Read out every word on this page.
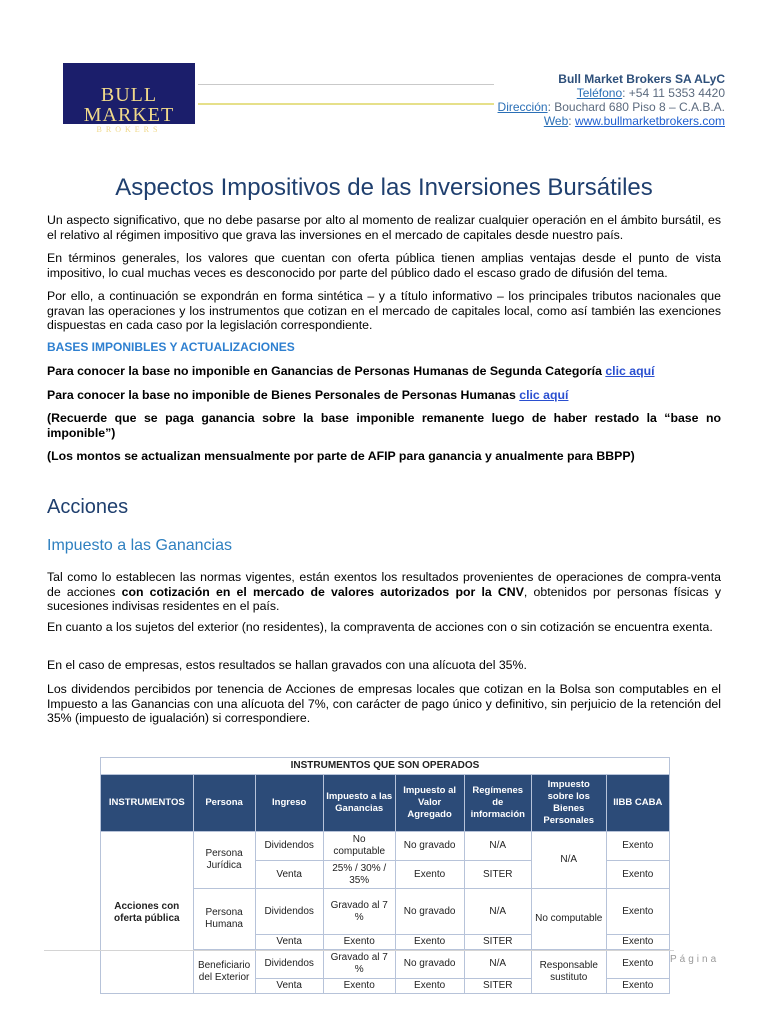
BULL MARKET
BROKERS
Bull Market Brokers SA ALyC
Teléfono: +54 11 5353 4420
Dirección: Bouchard 680 Piso 8 – C.A.B.A.
Web: www.bullmarketbrokers.com
Aspectos Impositivos de las Inversiones Bursátiles
Un aspecto significativo, que no debe pasarse por alto al momento de realizar cualquier operación en el ámbito bursátil, es el relativo al régimen impositivo que grava las inversiones en el mercado de capitales desde nuestro país.
En términos generales, los valores que cuentan con oferta pública tienen amplias ventajas desde el punto de vista impositivo, lo cual muchas veces es desconocido por parte del público dado el escaso grado de difusión del tema.
Por ello, a continuación se expondrán en forma sintética – y a título informativo – los principales tributos nacionales que gravan las operaciones y los instrumentos que cotizan en el mercado de capitales local, como así también las exenciones dispuestas en cada caso por la legislación correspondiente.
BASES IMPONIBLES Y ACTUALIZACIONES
Para conocer la base no imponible en Ganancias de Personas Humanas de Segunda Categoría clic aquí
Para conocer la base no imponible de Bienes Personales de Personas Humanas clic aquí
(Recuerde que se paga ganancia sobre la base imponible remanente luego de haber restado la “base no imponible”)
(Los montos se actualizan mensualmente por parte de AFIP para ganancia y anualmente para BBPP)
Acciones
Impuesto a las Ganancias
Tal como lo establecen las normas vigentes, están exentos los resultados provenientes de operaciones de compra-venta de acciones con cotización en el mercado de valores autorizados por la CNV, obtenidos por personas físicas y sucesiones indivisas residentes en el país.
En cuanto a los sujetos del exterior (no residentes), la compraventa de acciones con o sin cotización se encuentra exenta.
En el caso de empresas, estos resultados se hallan gravados con una alícuota del 35%.
Los dividendos percibidos por tenencia de Acciones de empresas locales que cotizan en la Bolsa son computables en el Impuesto a las Ganancias con una alícuota del 7%, con carácter de pago único y definitivo, sin perjuicio de la retención del 35% (impuesto de igualación) si correspondiere.
INSTRUMENTOS QUE SON OPERADOS							
INSTRUMENTOS	Persona	Ingreso	Impuesto a las Ganancias	Impuesto al Valor Agregado	Regímenes de información	Impuesto sobre los Bienes Personales	IIBB CABA
Acciones con oferta pública	Persona Jurídica	Dividendos	No computable	No gravado	N/A	N/A	Exento
		Venta	25% / 30% / 35%	Exento	SITER		Exento
	Persona Humana	Dividendos	Gravado al 7 %	No gravado	N/A	No computable	Exento
		Venta	Exento	Exento	SITER		Exento
	Beneficiario del Exterior	Dividendos	Gravado al 7 %	No gravado	N/A	Responsable sustituto	Exento
		Venta	Exento	Exento	SITER		Exento
Página
